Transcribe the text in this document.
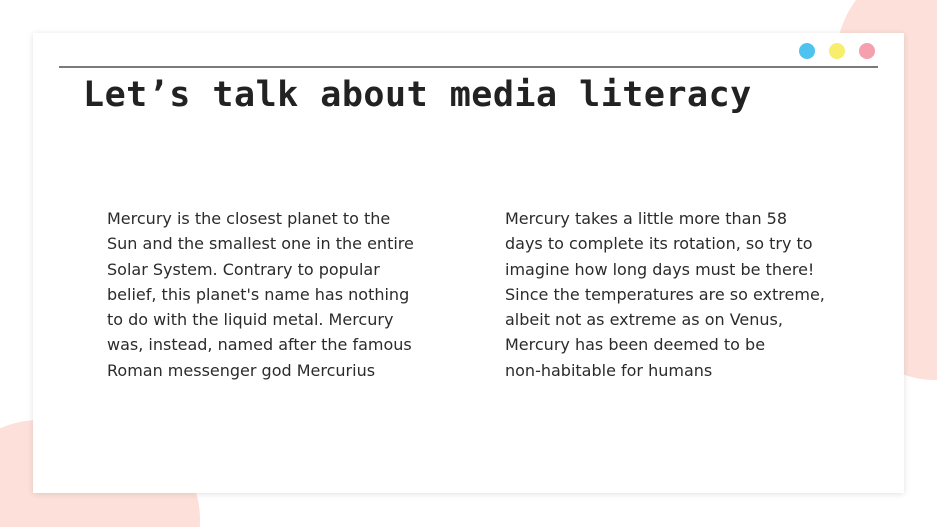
Let’s talk about media literacy

Mercury is the closest planet to the
Sun and the smallest one in the entire
Solar System. Contrary to popular
belief, this planet's name has nothing
to do with the liquid metal. Mercury
was, instead, named after the famous
Roman messenger god Mercurius

Mercury takes a little more than 58
days to complete its rotation, so try to
imagine how long days must be there!
Since the temperatures are so extreme,
albeit not as extreme as on Venus,
Mercury has been deemed to be
non-habitable for humans
